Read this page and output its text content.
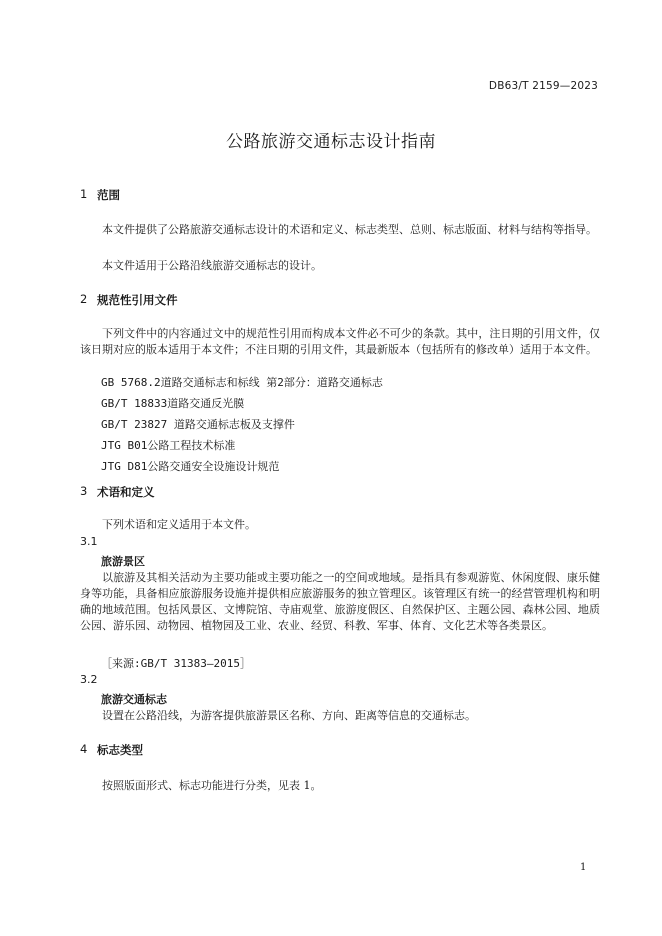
DB63/T 2159—2023
公路旅游交通标志设计指南
1 范围
本文件提供了公路旅游交通标志设计的术语和定义、标志类型、总则、标志版面、材料与结构等指导。
本文件适用于公路沿线旅游交通标志的设计。
2 规范性引用文件
下列文件中的内容通过文中的规范性引用而构成本文件必不可少的条款。其中，注日期的引用文件，仅该日期对应的版本适用于本文件；不注日期的引用文件，其最新版本（包括所有的修改单）适用于本文件。
GB 5768.2道路交通标志和标线 第2部分：道路交通标志
GB/T 18833道路交通反光膜
GB/T 23827 道路交通标志板及支撑件
JTG B01公路工程技术标准
JTG D81公路交通安全设施设计规范
3 术语和定义
下列术语和定义适用于本文件。
3.1
旅游景区
以旅游及其相关活动为主要功能或主要功能之一的空间或地域。是指具有参观游览、休闲度假、康乐健身等功能，具备相应旅游服务设施并提供相应旅游服务的独立管理区。该管理区有统一的经营管理机构和明确的地域范围。包括风景区、文博院馆、寺庙观堂、旅游度假区、自然保护区、主题公园、森林公园、地质公园、游乐园、动物园、植物园及工业、农业、经贸、科教、军事、体育、文化艺术等各类景区。
［来源:GB/T 31383—2015］
3.2
旅游交通标志
设置在公路沿线，为游客提供旅游景区名称、方向、距离等信息的交通标志。
4 标志类型
按照版面形式、标志功能进行分类，见表 1。
1
